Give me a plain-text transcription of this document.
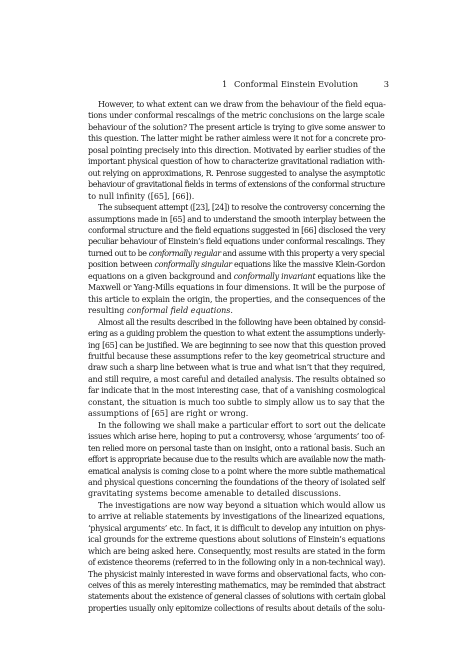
1 Conformal Einstein Evolution	3

However, to what extent can we draw from the behaviour of the field equa-
tions under conformal rescalings of the metric conclusions on the large scale
behaviour of the solution? The present article is trying to give some answer to
this question. The latter might be rather aimless were it not for a concrete pro-
posal pointing precisely into this direction. Motivated by earlier studies of the
important physical question of how to characterize gravitational radiation with-
out relying on approximations, R. Penrose suggested to analyse the asymptotic
behaviour of gravitational fields in terms of extensions of the conformal structure
to null infinity ([65], [66]).

The subsequent attempt ([23], [24]) to resolve the controversy concerning the
assumptions made in [65] and to understand the smooth interplay between the
conformal structure and the field equations suggested in [66] disclosed the very
peculiar behaviour of Einstein’s field equations under conformal rescalings. They
turned out to be conformally regular and assume with this property a very special
position between conformally singular equations like the massive Klein-Gordon
equations on a given background and conformally invariant equations like the
Maxwell or Yang-Mills equations in four dimensions. It will be the purpose of
this article to explain the origin, the properties, and the consequences of the
resulting conformal field equations.

Almost all the results described in the following have been obtained by consid-
ering as a guiding problem the question to what extent the assumptions underly-
ing [65] can be justified. We are beginning to see now that this question proved
fruitful because these assumptions refer to the key geometrical structure and
draw such a sharp line between what is true and what isn’t that they required,
and still require, a most careful and detailed analysis. The results obtained so
far indicate that in the most interesting case, that of a vanishing cosmological
constant, the situation is much too subtle to simply allow us to say that the
assumptions of [65] are right or wrong.

In the following we shall make a particular effort to sort out the delicate
issues which arise here, hoping to put a controversy, whose ‘arguments’ too of-
ten relied more on personal taste than on insight, onto a rational basis. Such an
effort is appropriate because due to the results which are available now the math-
ematical analysis is coming close to a point where the more subtle mathematical
and physical questions concerning the foundations of the theory of isolated self
gravitating systems become amenable to detailed discussions.

The investigations are now way beyond a situation which would allow us
to arrive at reliable statements by investigations of the linearized equations,
‘physical arguments’ etc. In fact, it is difficult to develop any intuition on phys-
ical grounds for the extreme questions about solutions of Einstein’s equations
which are being asked here. Consequently, most results are stated in the form
of existence theorems (referred to in the following only in a non-technical way).
The physicist mainly interested in wave forms and observational facts, who con-
ceives of this as merely interesting mathematics, may be reminded that abstract
statements about the existence of general classes of solutions with certain global
properties usually only epitomize collections of results about details of the solu-
